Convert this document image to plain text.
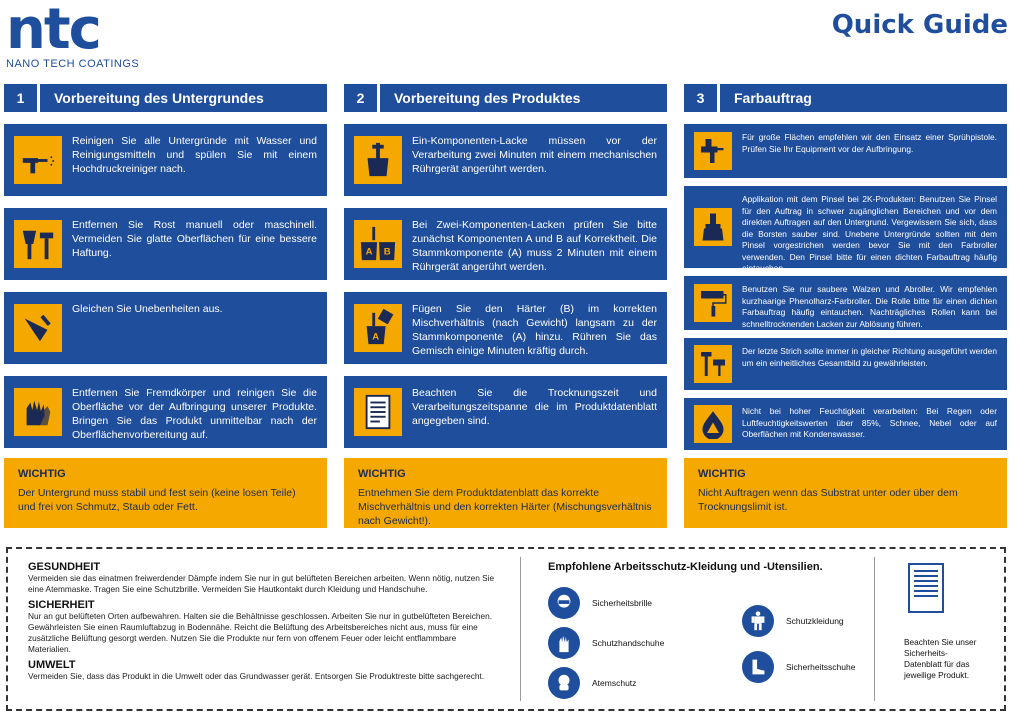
ntc
NANO TECH COATINGS
Quick Guide
1	Vorbereitung des Untergrundes
Reinigen Sie alle Untergründe mit Wasser und Reinigungsmitteln und spülen Sie mit einem Hochdruckreiniger nach.
Entfernen Sie Rost manuell oder maschinell. Vermeiden Sie glatte Oberflächen für eine bessere Haftung.
Gleichen Sie Unebenheiten aus.
Entfernen Sie Fremdkörper und reinigen Sie die Oberfläche vor der Aufbringung unserer Produkte. Bringen Sie das Produkt unmittelbar nach der Oberflächenvorbereitung auf.
WICHTIG
Der Untergrund muss stabil und fest sein (keine losen Teile) und frei von Schmutz, Staub oder Fett.
2	Vorbereitung des Produktes
Ein-Komponenten-Lacke müssen vor der Verarbeitung zwei Minuten mit einem mechanischen Rührgerät angerührt werden.
A B
Bei Zwei-Komponenten-Lacken prüfen Sie bitte zunächst Komponenten A und B auf Korrektheit. Die Stammkomponente (A) muss 2 Minuten mit einem Rührgerät angerührt werden.
A
Fügen Sie den Härter (B) im korrekten Mischverhältnis (nach Gewicht) langsam zu der Stammkomponente (A) hinzu. Rühren Sie das Gemisch einige Minuten kräftig durch.
Beachten Sie die Trocknungszeit und Verarbeitungszeitspanne die im Produktdatenblatt angegeben sind.
WICHTIG
Entnehmen Sie dem Produktdatenblatt das korrekte Mischverhältnis und den korrekten Härter (Mischungsverhältnis nach Gewicht!).
3	Farbauftrag
Für große Flächen empfehlen wir den Einsatz einer Sprühpistole. Prüfen Sie Ihr Equipment vor der Aufbringung.
Applikation mit dem Pinsel bei 2K-Produkten: Benutzen Sie Pinsel für den Auftrag in schwer zugänglichen Bereichen und vor dem direkten Auftragen auf den Untergrund. Vergewissern Sie sich, dass die Borsten sauber sind. Unebene Untergründe sollten mit dem Pinsel vorgestrichen werden bevor Sie mit den Farbroller verwenden. Den Pinsel bitte für einen dichten Farbauftrag häufig eintauchen.
Benutzen Sie nur saubere Walzen und Abroller. Wir empfehlen kurzhaarige Phenolharz-Farbroller. Die Rolle bitte für einen dichten Farbauftrag häufig eintauchen. Nachträgliches Rollen kann bei schnelltrocknenden Lacken zur Ablösung führen.
Der letzte Strich sollte immer in gleicher Richtung ausgeführt werden um ein einheitliches Gesamtbild zu gewährleisten.
Nicht bei hoher Feuchtigkeit verarbeiten: Bei Regen oder Luftfeuchtigkeitswerten über 85%, Schnee, Nebel oder auf Oberflächen mit Kondenswasser.
WICHTIG
Nicht Auftragen wenn das Substrat unter oder über dem Trocknungslimit ist.
GESUNDHEIT
Vermeiden sie das einatmen freiwerdender Dämpfe indem Sie nur in gut belüfteten Bereichen arbeiten. Wenn nötig, nutzen Sie eine Atemmaske. Tragen Sie eine Schutzbrille. Vermeiden Sie Hautkontakt durch Kleidung und Handschuhe.
SICHERHEIT
Nur an gut belüfteten Orten aufbewahren. Halten sie die Behältnisse geschlossen. Arbeiten Sie nur in gutbelüfteten Bereichen. Gewährleisten Sie einen Raumluftabzug in Bodennähe. Reicht die Belüftung des Arbeitsbereiches nicht aus, muss für eine zusätzliche Belüftung gesorgt werden. Nutzen Sie die Produkte nur fern von offenem Feuer oder leicht entflammbare Materialien.
UMWELT
Vermeiden Sie, dass das Produkt in die Umwelt oder das Grundwasser gerät. Entsorgen Sie Produktreste bitte sachgerecht.
Empfohlene Arbeitsschutz-Kleidung und -Utensilien.
Sicherheitsbrille
Schutzhandschuhe
Atemschutz
Schutzkleidung
Sicherheitsschuhe
Beachten Sie unser Sicherheits-Datenblatt für das jeweilige Produkt.
